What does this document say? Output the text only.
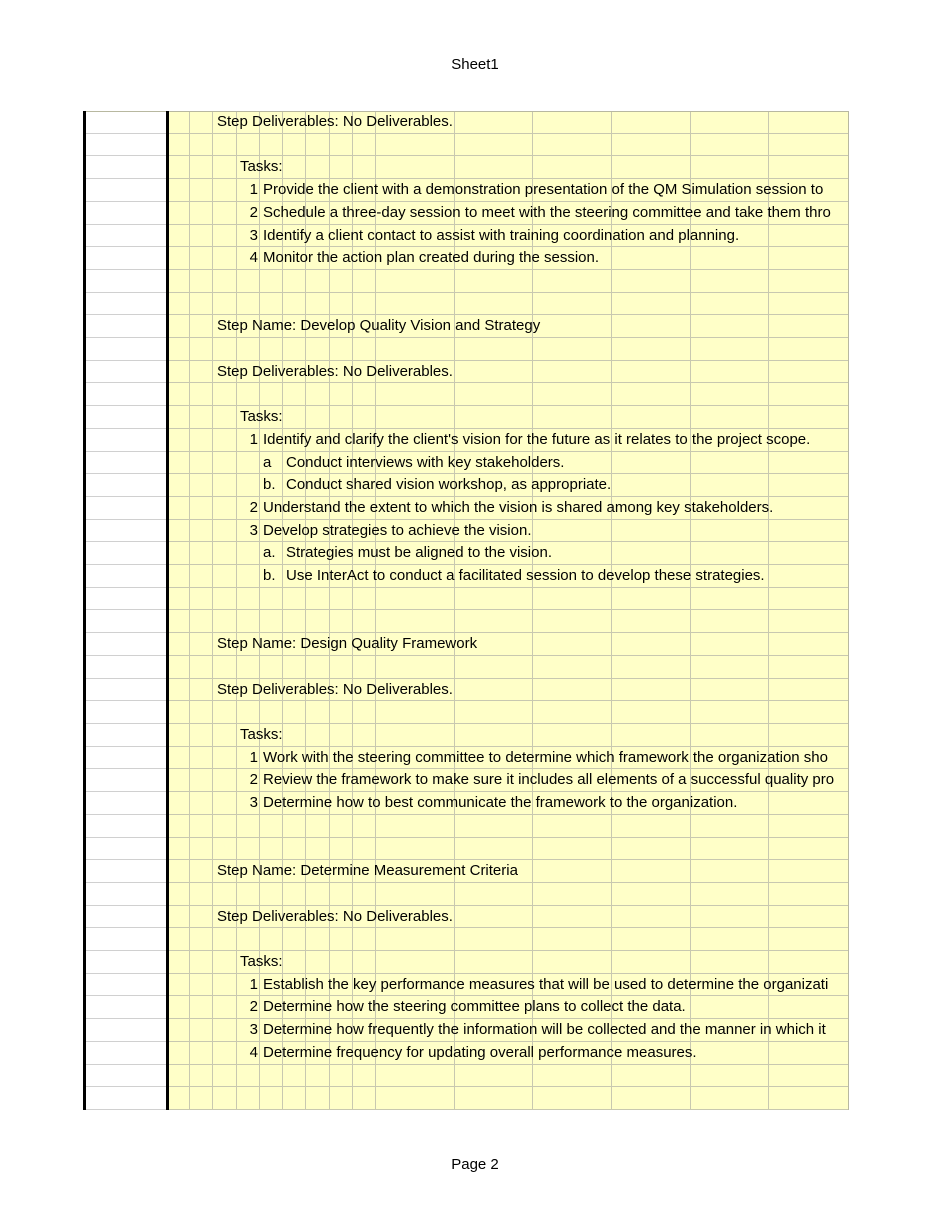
Sheet1
Step Deliverables: No Deliverables.
Tasks:
1 Provide the client with a demonstration presentation of the QM Simulation session to
2 Schedule a three-day session to meet with the steering committee and take them thro
3 Identify a client contact to assist with training coordination and planning.
4 Monitor the action plan created during the session.
Step Name: Develop Quality Vision and Strategy
Step Deliverables: No Deliverables.
Tasks:
1 Identify and clarify the client's vision for the future as it relates to the project scope.
a Conduct interviews with key stakeholders.
b. Conduct shared vision workshop, as appropriate.
2 Understand the extent to which the vision is shared among key stakeholders.
3 Develop strategies to achieve the vision.
a. Strategies must be aligned to the vision.
b. Use InterAct to conduct a facilitated session to develop these strategies.
Step Name: Design Quality Framework
Step Deliverables: No Deliverables.
Tasks:
1 Work with the steering committee to determine which framework the organization sho
2 Review the framework to make sure it includes all elements of a successful quality pro
3 Determine how to best communicate the framework to the organization.
Step Name: Determine Measurement Criteria
Step Deliverables: No Deliverables.
Tasks:
1 Establish the key performance measures that will be used to determine the organizati
2 Determine how the steering committee plans to collect the data.
3 Determine how frequently the information will be collected and the manner in which it
4 Determine frequency for updating overall performance measures.
Page 2
